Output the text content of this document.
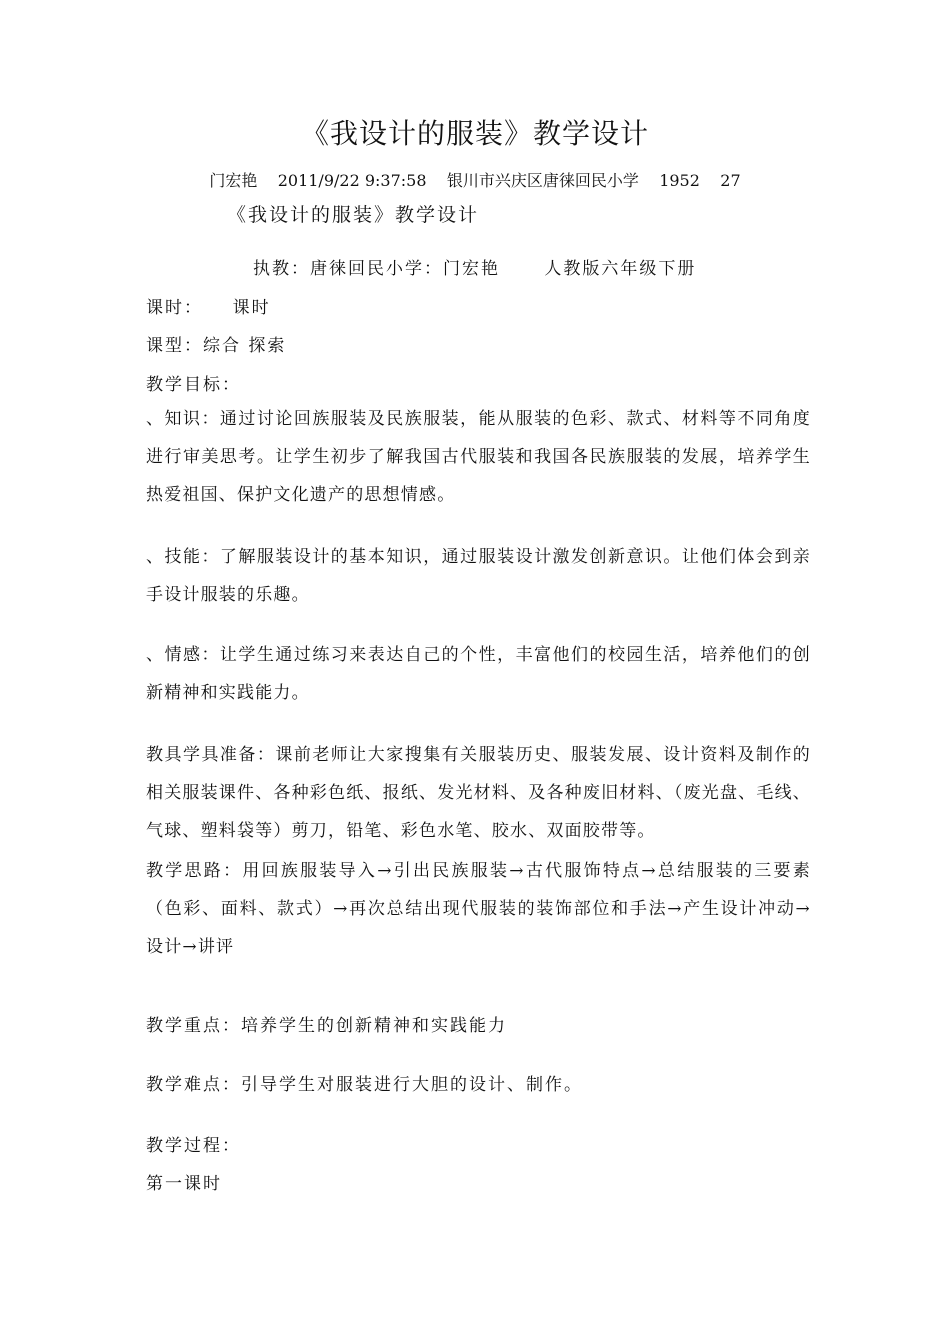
《我设计的服装》教学设计
门宏艳    2011/9/22 9:37:58    银川市兴庆区唐徕回民小学    1952    27
《我设计的服装》教学设计
执教：唐徕回民小学：门宏艳      人教版六年级下册
课时：    课时
课型：综合 探索
教学目标：
、知识：通过讨论回族服装及民族服装，能从服装的色彩、款式、材料等不同角度进行审美思考。让学生初步了解我国古代服装和我国各民族服装的发展，培养学生热爱祖国、保护文化遗产的思想情感。
、技能：了解服装设计的基本知识，通过服装设计激发创新意识。让他们体会到亲手设计服装的乐趣。
、情感：让学生通过练习来表达自己的个性，丰富他们的校园生活，培养他们的创新精神和实践能力。
教具学具准备：课前老师让大家搜集有关服装历史、服装发展、设计资料及制作的相关服装课件、各种彩色纸、报纸、发光材料、及各种废旧材料、（废光盘、毛线、气球、塑料袋等）剪刀，铅笔、彩色水笔、胶水、双面胶带等。
教学思路：用回族服装导入→引出民族服装→古代服饰特点→总结服装的三要素（色彩、面料、款式）→再次总结出现代服装的装饰部位和手法→产生设计冲动→设计→讲评
教学重点：培养学生的创新精神和实践能力
教学难点：引导学生对服装进行大胆的设计、制作。
教学过程：
第一课时
